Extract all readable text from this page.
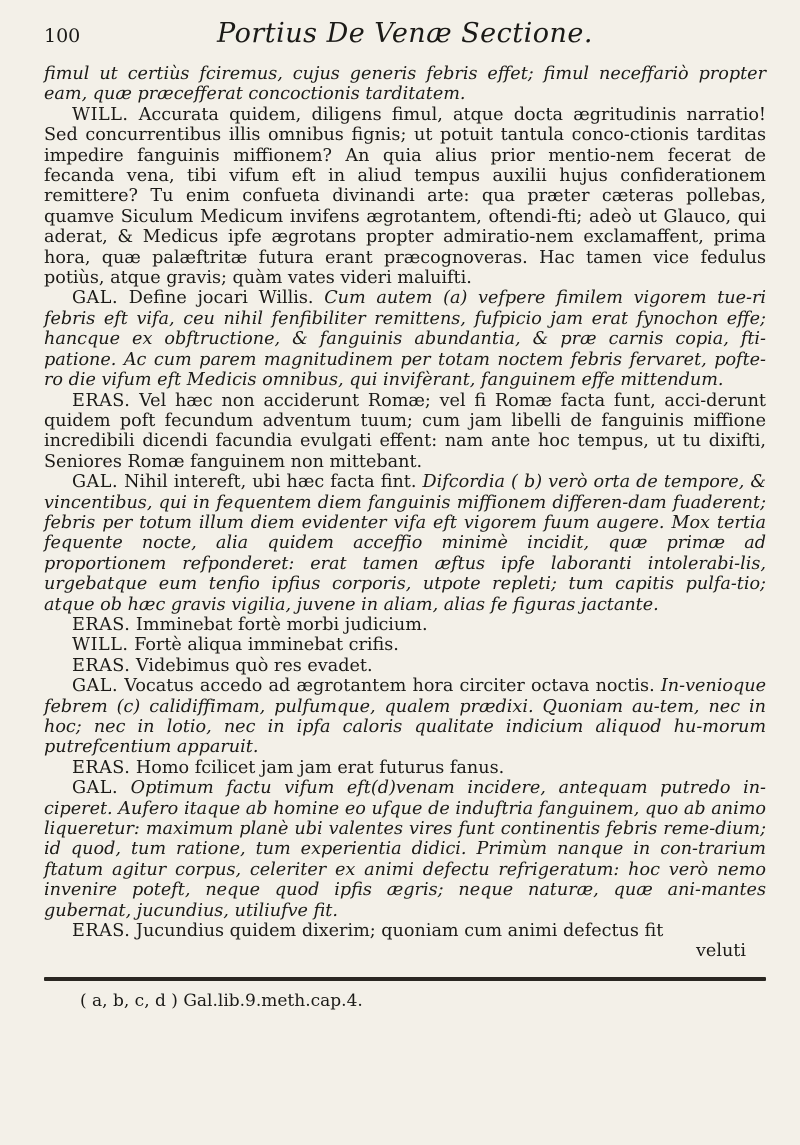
100	Portius De Venæ Sectione.

fimul ut certiùs fciremus, cujus generis febris effet; fimul neceffariò propter eam, quæ præcefferat concoctionis tarditatem.

WILL. Accurata quidem, diligens fimul, atque docta ægritudinis narratio! Sed concurrentibus illis omnibus fignis; ut potuit tantula conco-ctionis tarditas impedire fanguinis miffionem? An quia alius prior mentio-nem fecerat de fecanda vena, tibi vifum eft in aliud tempus auxilii hujus confiderationem remittere? Tu enim confueta divinandi arte: qua præter cæteras pollebas, quamve Siculum Medicum invifens ægrotantem, oftendi-fti; adeò ut Glauco, qui aderat, & Medicus ipfe ægrotans propter admiratio-nem exclamaffent, prima hora, quæ palæftritæ futura erant præcognoveras. Hac tamen vice fedulus potiùs, atque gravis; quàm vates videri maluifti.

GAL. Define jocari Willis. Cum autem (a) vefpere fimilem vigorem tue-ri febris eft vifa, ceu nihil fenfibiliter remittens, fufpicio jam erat fynochon effe; hancque ex obftructione, & fanguinis abundantia, & præ carnis copia, fti-patione. Ac cum parem magnitudinem per totam noctem febris fervaret, pofte-ro die vifum eft Medicis omnibus, qui invifèrant, fanguinem effe mittendum.

ERAS. Vel hæc non acciderunt Romæ; vel fi Romæ facta funt, acci-derunt quidem poft fecundum adventum tuum; cum jam libelli de fanguinis miffione incredibili dicendi facundia evulgati effent: nam ante hoc tempus, ut tu dixifti, Seniores Romæ fanguinem non mittebant.

GAL. Nihil intereft, ubi hæc facta fint. Difcordia ( b) verò orta de tempore, & vincentibus, qui in fequentem diem fanguinis miffionem differen-dam fuaderent; febris per totum illum diem evidenter vifa eft vigorem fuum augere. Mox tertia fequente nocte, alia quidem acceffio minimè incidit, quæ primæ ad proportionem refponderet: erat tamen æftus ipfe laboranti intolerabi-lis, urgebatque eum tenfio ipfius corporis, utpote repleti; tum capitis pulfa-tio; atque ob hæc gravis vigilia, juvene in aliam, alias fe figuras jactante.

ERAS. Imminebat fortè morbi judicium.

WILL. Fortè aliqua imminebat crifis.

ERAS. Videbimus quò res evadet.

GAL. Vocatus accedo ad ægrotantem hora circiter octava noctis. In-venioque febrem (c) calidiffimam, pulfumque, qualem prædixi. Quoniam au-tem, nec in hoc; nec in lotio, nec in ipfa caloris qualitate indicium aliquod hu-morum putrefcentium apparuit.

ERAS. Homo fcilicet jam jam erat futurus fanus.

GAL. Optimum factu vifum eft(d)venam incidere, antequam putredo in-ciperet. Aufero itaque ab homine eo ufque de induftria fanguinem, quo ab animo liqueretur: maximum planè ubi valentes vires funt continentis febris reme-dium; id quod, tum ratione, tum experientia didici. Primùm nanque in con-trarium ftatum agitur corpus, celeriter ex animi defectu refrigeratum: hoc verò nemo invenire poteft, neque quod ipfis ægris; neque naturæ, quæ ani-mantes gubernat, jucundius, utiliufve fit.

ERAS. Jucundius quidem dixerim; quoniam cum animi defectus fit

veluti
( a, b, c, d ) Gal.lib.9.meth.cap.4.
